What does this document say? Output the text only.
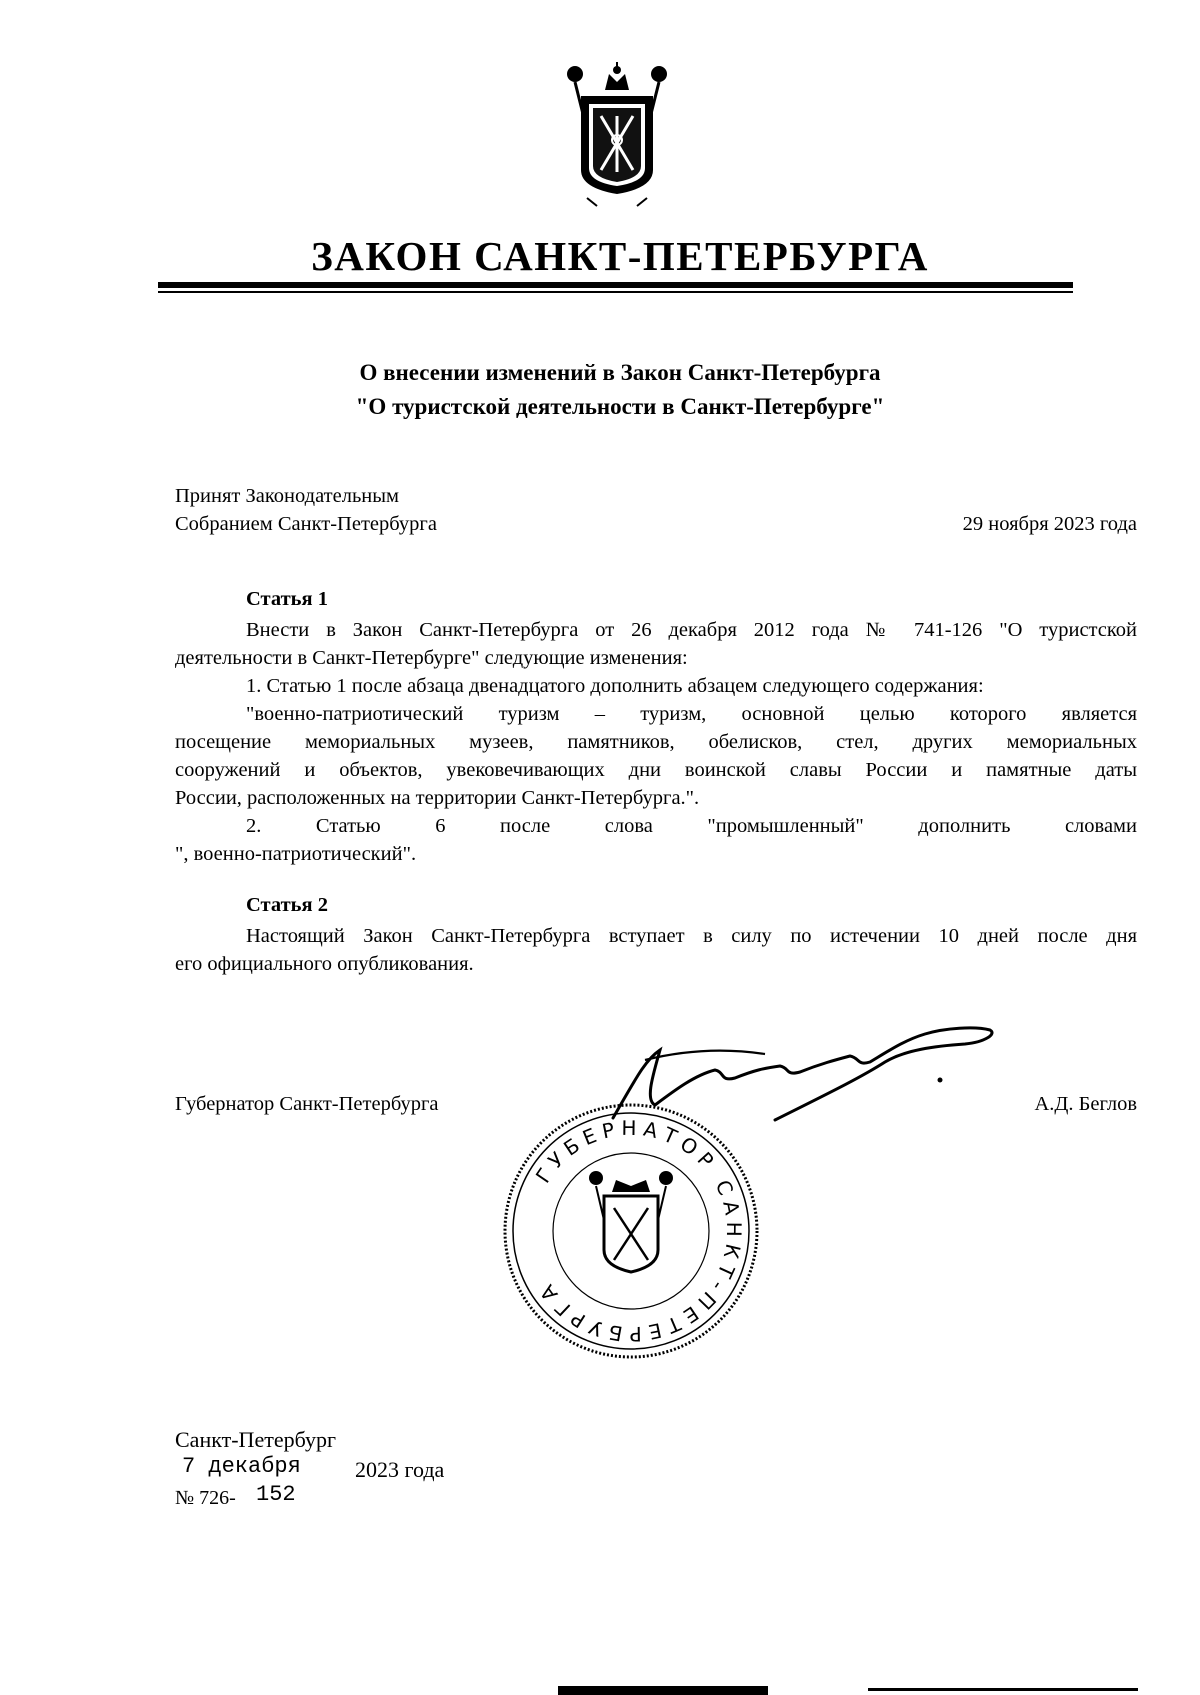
ЗАКОН САНКТ-ПЕТЕРБУРГА
О внесении изменений в Закон Санкт-Петербурга
"О туристской деятельности в Санкт-Петербурге"
Принят Законодательным
Собранием Санкт-Петербурга	29 ноября 2023 года
Статья 1
Внести в Закон Санкт-Петербурга от 26 декабря 2012 года № 741-126 "О туристской
деятельности в Санкт-Петербурге" следующие изменения:
1. Статью 1 после абзаца двенадцатого дополнить абзацем следующего содержания:
"военно-патриотический туризм – туризм, основной целью которого является
посещение мемориальных музеев, памятников, обелисков, стел, других мемориальных
сооружений и объектов, увековечивающих дни воинской славы России и памятные даты
России, расположенных на территории Санкт-Петербурга.".
2. Статью 6 после слова "промышленный" дополнить словами
", военно-патриотический".
Статья 2
Настоящий Закон Санкт-Петербурга вступает в силу по истечении 10 дней после дня
его официального опубликования.
Губернатор Санкт-Петербурга	А.Д. Беглов
ГУБЕРНАТОР САНКТ-ПЕТЕРБУРГА
Санкт-Петербург
7 декабря 2023 года
№ 726- 152
